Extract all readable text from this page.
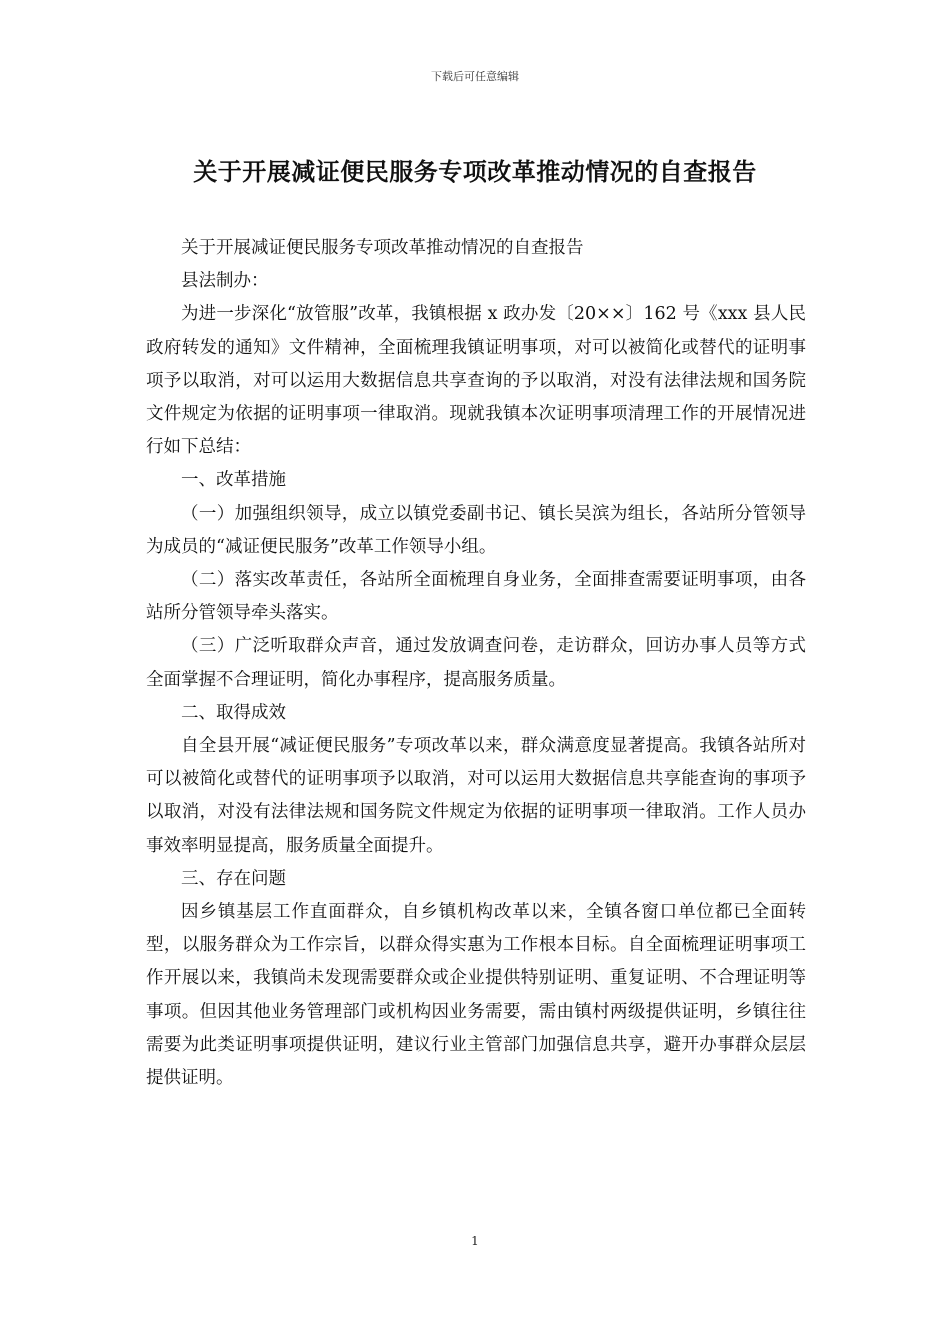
下载后可任意编辑
关于开展减证便民服务专项改革推动情况的自查报告

关于开展减证便民服务专项改革推动情况的自查报告

县法制办：

为进一步深化“放管服”改革，我镇根据 x 政办发〔20××〕162 号《xxx 县人民政府转发的通知》文件精神，全面梳理我镇证明事项，对可以被简化或替代的证明事项予以取消，对可以运用大数据信息共享查询的予以取消，对没有法律法规和国务院文件规定为依据的证明事项一律取消。现就我镇本次证明事项清理工作的开展情况进行如下总结：

一、改革措施

（一）加强组织领导，成立以镇党委副书记、镇长吴滨为组长，各站所分管领导为成员的“减证便民服务”改革工作领导小组。

（二）落实改革责任，各站所全面梳理自身业务，全面排查需要证明事项，由各站所分管领导牵头落实。

（三）广泛听取群众声音，通过发放调查问卷，走访群众，回访办事人员等方式全面掌握不合理证明，简化办事程序，提高服务质量。

二、取得成效

自全县开展“减证便民服务”专项改革以来，群众满意度显著提高。我镇各站所对可以被简化或替代的证明事项予以取消，对可以运用大数据信息共享能查询的事项予以取消，对没有法律法规和国务院文件规定为依据的证明事项一律取消。工作人员办事效率明显提高，服务质量全面提升。

三、存在问题

因乡镇基层工作直面群众，自乡镇机构改革以来，全镇各窗口单位都已全面转型，以服务群众为工作宗旨，以群众得实惠为工作根本目标。自全面梳理证明事项工作开展以来，我镇尚未发现需要群众或企业提供特别证明、重复证明、不合理证明等事项。但因其他业务管理部门或机构因业务需要，需由镇村两级提供证明，乡镇往往需要为此类证明事项提供证明，建议行业主管部门加强信息共享，避开办事群众层层提供证明。

1
